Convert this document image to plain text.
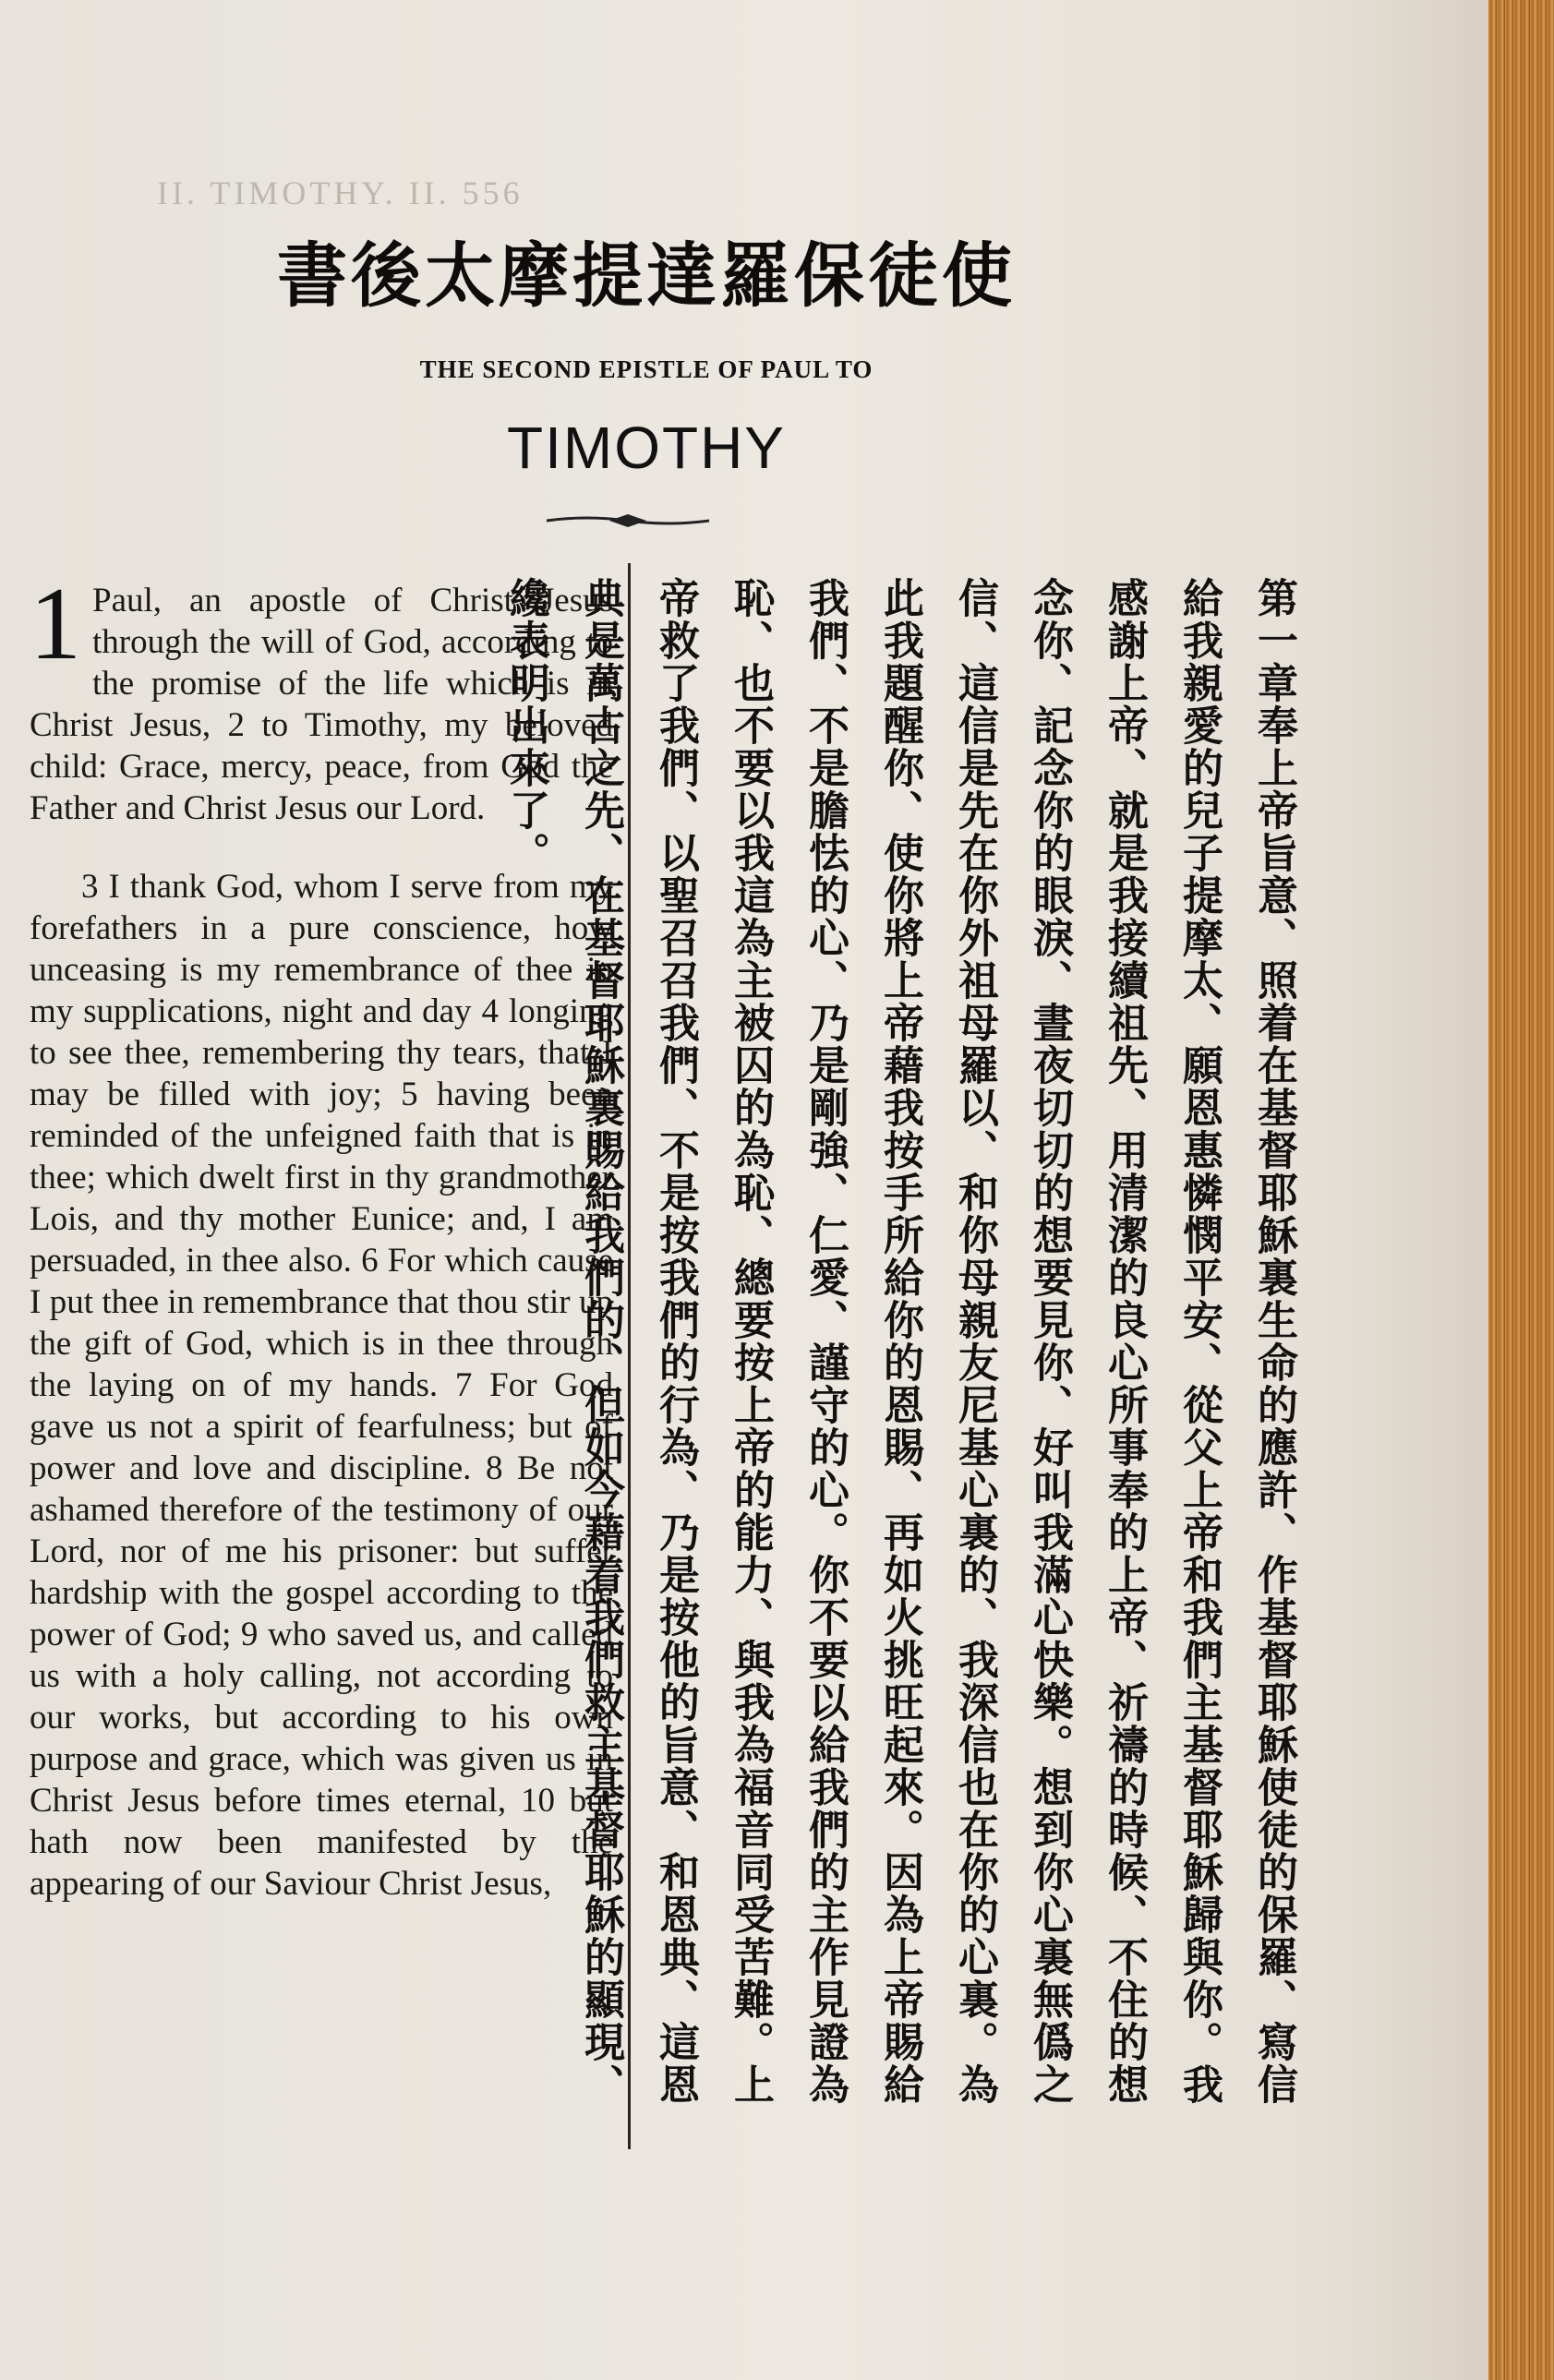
II. TIMOTHY. II. 556
書後太摩提達羅保徒使
THE SECOND EPISTLE OF PAUL TO
TIMOTHY

1 Paul, an apostle of Christ Jesus through the will of God, according to the promise of the life which is in Christ Jesus, 2 to Timothy, my beloved child: Grace, mercy, peace, from God the Father and Christ Jesus our Lord.

3 I thank God, whom I serve from my forefathers in a pure conscience, how unceasing is my remembrance of thee in my supplications, night and day 4 longing to see thee, remembering thy tears, that I may be filled with joy; 5 having been reminded of the unfeigned faith that is in thee; which dwelt first in thy grandmother Lois, and thy mother Eunice; and, I am persuaded, in thee also. 6 For which cause I put thee in remembrance that thou stir up the gift of God, which is in thee through the laying on of my hands. 7 For God gave us not a spirit of fearfulness; but of power and love and discipline. 8 Be not ashamed therefore of the testimony of our Lord, nor of me his prisoner: but suffer hardship with the gospel according to the power of God; 9 who saved us, and called us with a holy calling, not according to our works, but according to his own purpose and grace, which was given us in Christ Jesus before times eternal, 10 but hath now been manifested by the appearing of our Saviour Christ Jesus,

第一章奉上帝旨意、照着在基督耶穌裏生命的應許、作基督耶穌使徒的保羅、寫信給我親愛的兒子提摩太、願恩惠憐憫平安、從父上帝和我們主基督耶穌歸與你。我感謝上帝、就是我接續祖先、用清潔的良心所事奉的上帝、祈禱的時候、不住的想念你、記念你的眼淚、晝夜切切的想要見你、好叫我滿心快樂。想到你心裏無僞之信、這信是先在你外祖母羅以、和你母親友尼基心裏的、我深信也在你的心裏。為此我題醒你、使你將上帝藉我按手所給你的恩賜、再如火挑旺起來。因為上帝賜給我們、不是膽怯的心、乃是剛強、仁愛、謹守的心。你不要以給我們的主作見證為恥、也不要以我這為主被囚的為恥、總要按上帝的能力、與我為福音同受苦難。上帝救了我們、以聖召召我們、不是按我們的行為、乃是按他的旨意、和恩典、這恩典是萬古之先、在基督耶穌裏賜給我們的、但如今藉着我們救主基督耶穌的顯現、纔表明出來了。
